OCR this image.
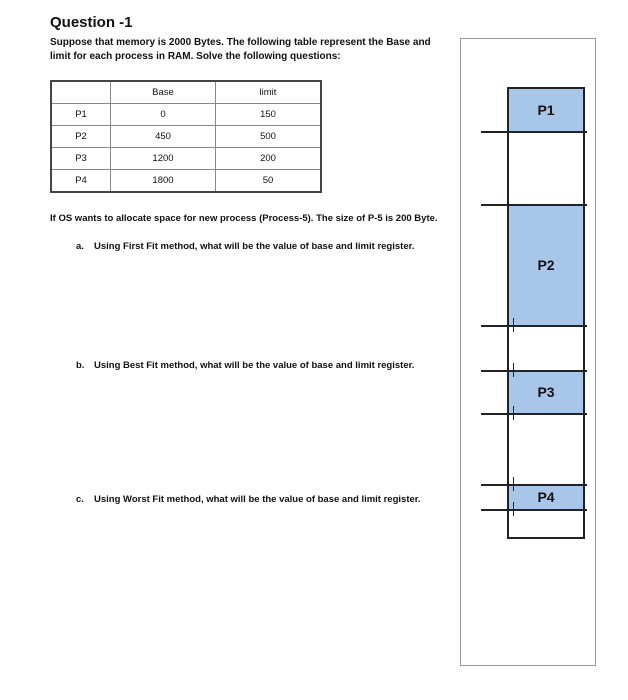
Question -1
Suppose that memory is 2000 Bytes. The following table represent the Base and limit for each process in RAM. Solve the following questions:
	Base	limit
P1	0	150
P2	450	500
P3	1200	200
P4	1800	50
If OS wants to allocate space for new process (Process-5). The size of P-5 is 200 Byte.
a. Using First Fit method, what will be the value of base and limit register.
b. Using Best Fit method, what will be the value of base and limit register.
c. Using Worst Fit method, what will be the value of base and limit register.
P1
P2
P3
P4
